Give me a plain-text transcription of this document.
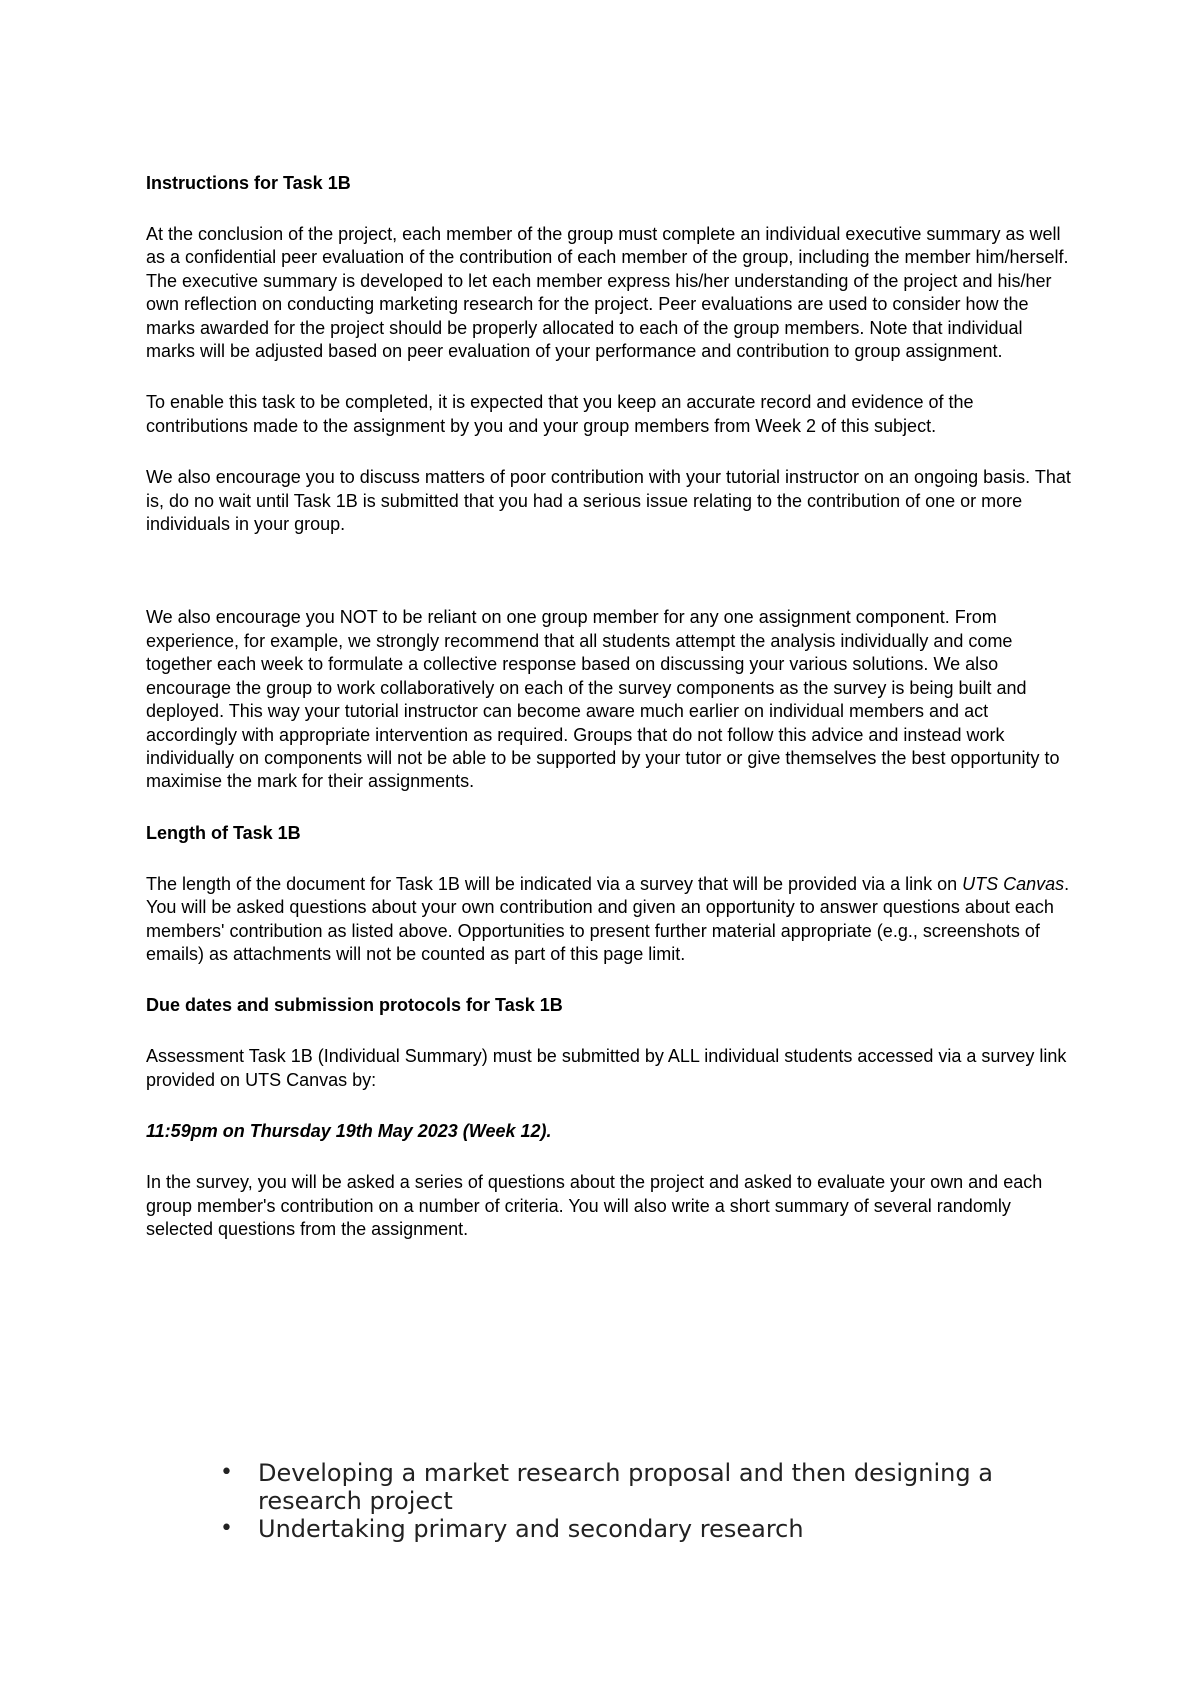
Instructions for Task 1B

At the conclusion of the project, each member of the group must complete an individual executive summary as well as a confidential peer evaluation of the contribution of each member of the group, including the member him/herself. The executive summary is developed to let each member express his/her understanding of the project and his/her own reflection on conducting marketing research for the project. Peer evaluations are used to consider how the marks awarded for the project should be properly allocated to each of the group members. Note that individual marks will be adjusted based on peer evaluation of your performance and contribution to group assignment.

To enable this task to be completed, it is expected that you keep an accurate record and evidence of the contributions made to the assignment by you and your group members from Week 2 of this subject.

We also encourage you to discuss matters of poor contribution with your tutorial instructor on an ongoing basis. That is, do no wait until Task 1B is submitted that you had a serious issue relating to the contribution of one or more individuals in your group.

We also encourage you NOT to be reliant on one group member for any one assignment component. From experience, for example, we strongly recommend that all students attempt the analysis individually and come together each week to formulate a collective response based on discussing your various solutions. We also encourage the group to work collaboratively on each of the survey components as the survey is being built and deployed. This way your tutorial instructor can become aware much earlier on individual members and act accordingly with appropriate intervention as required. Groups that do not follow this advice and instead work individually on components will not be able to be supported by your tutor or give themselves the best opportunity to maximise the mark for their assignments.

Length of Task 1B

The length of the document for Task 1B will be indicated via a survey that will be provided via a link on UTS Canvas. You will be asked questions about your own contribution and given an opportunity to answer questions about each members' contribution as listed above. Opportunities to present further material appropriate (e.g., screenshots of emails) as attachments will not be counted as part of this page limit.

Due dates and submission protocols for Task 1B

Assessment Task 1B (Individual Summary) must be submitted by ALL individual students accessed via a survey link provided on UTS Canvas by:

11:59pm on Thursday 19th May 2023 (Week 12).

In the survey, you will be asked a series of questions about the project and asked to evaluate your own and each group member's contribution on a number of criteria. You will also write a short summary of several randomly selected questions from the assignment.

• Developing a market research proposal and then designing a research project
• Undertaking primary and secondary research
